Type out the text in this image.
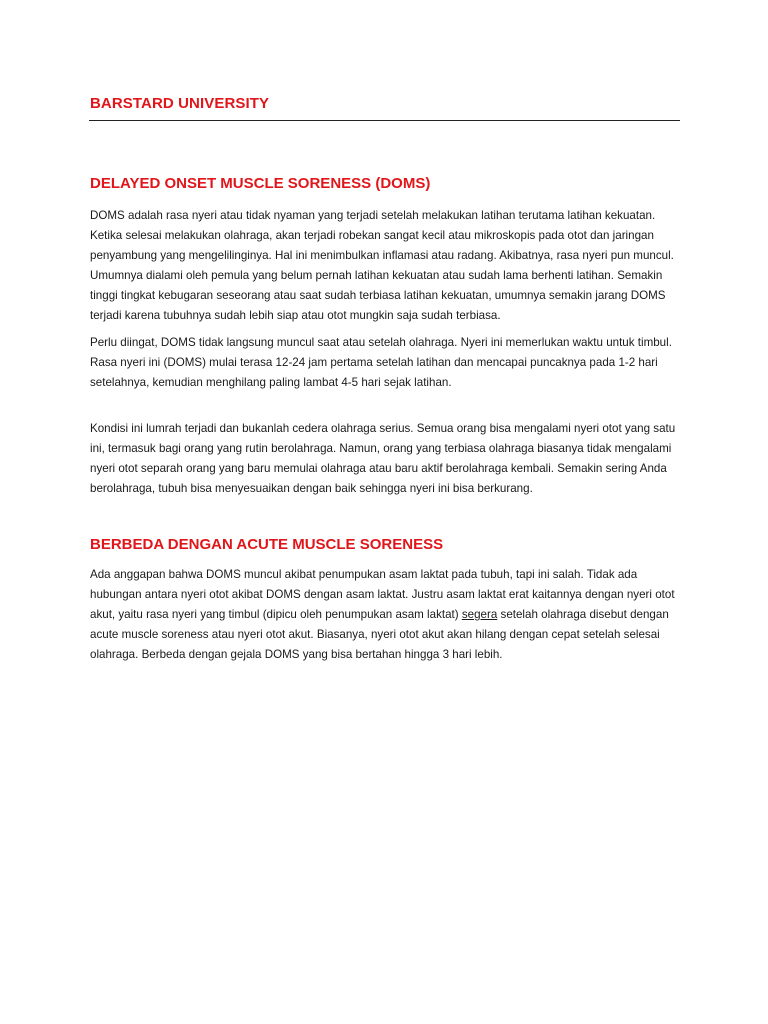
BARSTARD UNIVERSITY
DELAYED ONSET MUSCLE SORENESS (DOMS)

DOMS adalah rasa nyeri atau tidak nyaman yang terjadi setelah melakukan latihan terutama latihan kekuatan. Ketika selesai melakukan olahraga, akan terjadi robekan sangat kecil atau mikroskopis pada otot dan jaringan penyambung yang mengelilinginya. Hal ini menimbulkan inflamasi atau radang. Akibatnya, rasa nyeri pun muncul. Umumnya dialami oleh pemula yang belum pernah latihan kekuatan atau sudah lama berhenti latihan. Semakin tinggi tingkat kebugaran seseorang atau saat sudah terbiasa latihan kekuatan, umumnya semakin jarang DOMS terjadi karena tubuhnya sudah lebih siap atau otot mungkin saja sudah terbiasa.

Perlu diingat, DOMS tidak langsung muncul saat atau setelah olahraga. Nyeri ini memerlukan waktu untuk timbul. Rasa nyeri ini (DOMS) mulai terasa 12-24 jam pertama setelah latihan dan mencapai puncaknya pada 1-2 hari setelahnya, kemudian menghilang paling lambat 4-5 hari sejak latihan.

Kondisi ini lumrah terjadi dan bukanlah cedera olahraga serius. Semua orang bisa mengalami nyeri otot yang satu ini, termasuk bagi orang yang rutin berolahraga. Namun, orang yang terbiasa olahraga biasanya tidak mengalami nyeri otot separah orang yang baru memulai olahraga atau baru aktif berolahraga kembali. Semakin sering Anda berolahraga, tubuh bisa menyesuaikan dengan baik sehingga nyeri ini bisa berkurang.

BERBEDA DENGAN ACUTE MUSCLE SORENESS

Ada anggapan bahwa DOMS muncul akibat penumpukan asam laktat pada tubuh, tapi ini salah. Tidak ada hubungan antara nyeri otot akibat DOMS dengan asam laktat. Justru asam laktat erat kaitannya dengan nyeri otot akut, yaitu rasa nyeri yang timbul (dipicu oleh penumpukan asam laktat) segera setelah olahraga disebut dengan acute muscle soreness atau nyeri otot akut. Biasanya, nyeri otot akut akan hilang dengan cepat setelah selesai olahraga. Berbeda dengan gejala DOMS yang bisa bertahan hingga 3 hari lebih.
